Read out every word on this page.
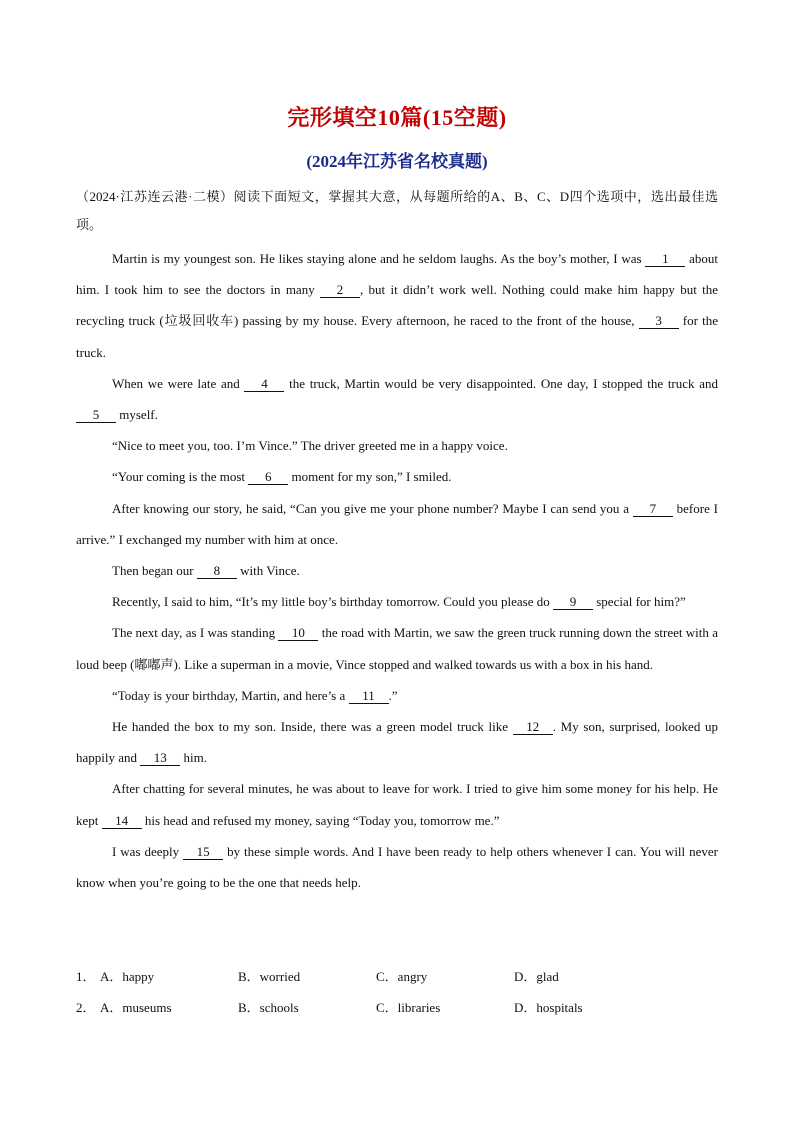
完形填空10篇(15空题)
(2024年江苏省名校真题)
（2024·江苏连云港·二模）阅读下面短文，掌握其大意，从每题所给的A、B、C、D四个选项中，选出最佳选项。

Martin is my youngest son. He likes staying alone and he seldom laughs. As the boy’s mother, I was 1 about him. I took him to see the doctors in many 2 , but it didn’t work well. Nothing could make him happy but the recycling truck (垃圾回收车) passing by my house. Every afternoon, he raced to the front of the house, 3 for the truck.

When we were late and 4 the truck, Martin would be very disappointed. One day, I stopped the truck and 5 myself.

“Nice to meet you, too. I’m Vince.” The driver greeted me in a happy voice.

“Your coming is the most 6 moment for my son,” I smiled.

After knowing our story, he said, “Can you give me your phone number? Maybe I can send you a 7 before I arrive.” I exchanged my number with him at once.

Then began our 8 with Vince.

Recently, I said to him, “It’s my little boy’s birthday tomorrow. Could you please do 9 special for him?”

The next day, as I was standing 10 the road with Martin, we saw the green truck running down the street with a loud beep (嘟嘟声). Like a superman in a movie, Vince stopped and walked towards us with a box in his hand.

“Today is your birthday, Martin, and here’s a 11 .”

He handed the box to my son. Inside, there was a green model truck like 12 . My son, surprised, looked up happily and 13 him.

After chatting for several minutes, he was about to leave for work. I tried to give him some money for his help. He kept 14 his head and refused my money, saying “Today you, tomorrow me.”

I was deeply 15 by these simple words. And I have been ready to help others whenever I can. You will never know when you’re going to be the one that needs help.

1． A．happy	B．worried	C．angry	D．glad
2． A．museums	B．schools	C．libraries	D．hospitals
